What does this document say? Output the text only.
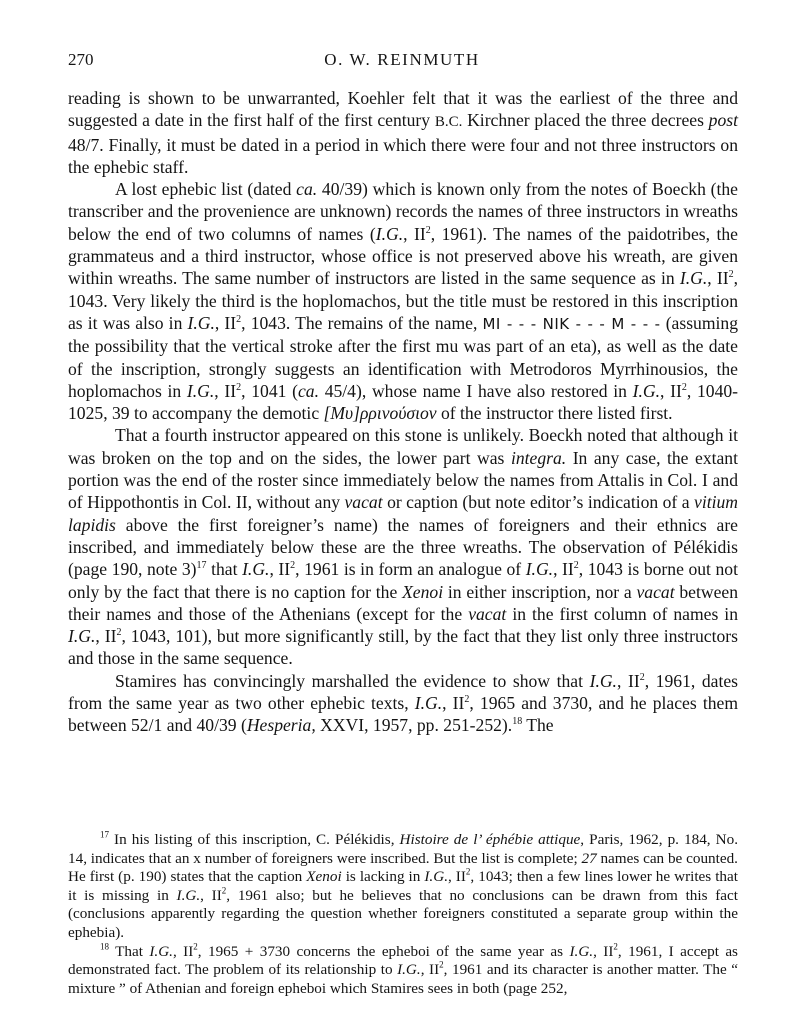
270	O. W. REINMUTH

reading is shown to be unwarranted, Koehler felt that it was the earliest of the three and suggested a date in the first half of the first century B.C. Kirchner placed the three decrees post 48/7. Finally, it must be dated in a period in which there were four and not three instructors on the ephebic staff.

A lost ephebic list (dated ca. 40/39) which is known only from the notes of Boeckh (the transcriber and the provenience are unknown) records the names of three instructors in wreaths below the end of two columns of names (I.G., $II^2$, 1961). The names of the paidotribes, the grammateus and a third instructor, whose office is not preserved above his wreath, are given within wreaths. The same number of instructors are listed in the same sequence as in I.G., $II^2$, 1043. Very likely the third is the hoplomachos, but the title must be restored in this inscription as it was also in I.G., $II^2$, 1043. The remains of the name, MI - - - NIK - - - M - - - (assuming the possibility that the vertical stroke after the first mu was part of an eta), as well as the date of the inscription, strongly suggests an identification with Metrodoros Myrrhinousios, the hoplomachos in I.G., $II^2$, 1041 (ca. 45/4), whose name I have also restored in I.G., $II^2$, 1040-1025, 39 to accompany the demotic [Μυ]ρρινούσιον of the instructor there listed first.

That a fourth instructor appeared on this stone is unlikely. Boeckh noted that although it was broken on the top and on the sides, the lower part was integra. In any case, the extant portion was the end of the roster since immediately below the names from Attalis in Col. I and of Hippothontis in Col. II, without any vacat or caption (but note editor’s indication of a vitium lapidis above the first foreigner’s name) the names of foreigners and their ethnics are inscribed, and immediately below these are the three wreaths. The observation of Pélékidis (page 190, note 3)$^{17}$ that I.G., $II^2$, 1961 is in form an analogue of I.G., $II^2$, 1043 is borne out not only by the fact that there is no caption for the Xenoi in either inscription, nor a vacat between their names and those of the Athenians (except for the vacat in the first column of names in I.G., $II^2$, 1043, 101), but more significantly still, by the fact that they list only three instructors and those in the same sequence.

Stamires has convincingly marshalled the evidence to show that I.G., $II^2$, 1961, dates from the same year as two other ephebic texts, I.G., $II^2$, 1965 and 3730, and he places them between 52/1 and 40/39 (Hesperia, XXVI, 1957, pp. 251-252).$^{18}$ The

$^{17}$ In his listing of this inscription, C. Pélékidis, Histoire de l’ éphébie attique, Paris, 1962, p. 184, No. 14, indicates that an x number of foreigners were inscribed. But the list is complete; 27 names can be counted. He first (p. 190) states that the caption Xenoi is lacking in I.G., $II^2$, 1043; then a few lines lower he writes that it is missing in I.G., $II^2$, 1961 also; but he believes that no conclusions can be drawn from this fact (conclusions apparently regarding the question whether foreigners constituted a separate group within the ephebia).

$^{18}$ That I.G., $II^2$, 1965 + 3730 concerns the epheboi of the same year as I.G., $II^2$, 1961, I accept as demonstrated fact. The problem of its relationship to I.G., $II^2$, 1961 and its character is another matter. The “ mixture ” of Athenian and foreign epheboi which Stamires sees in both (page 252,
